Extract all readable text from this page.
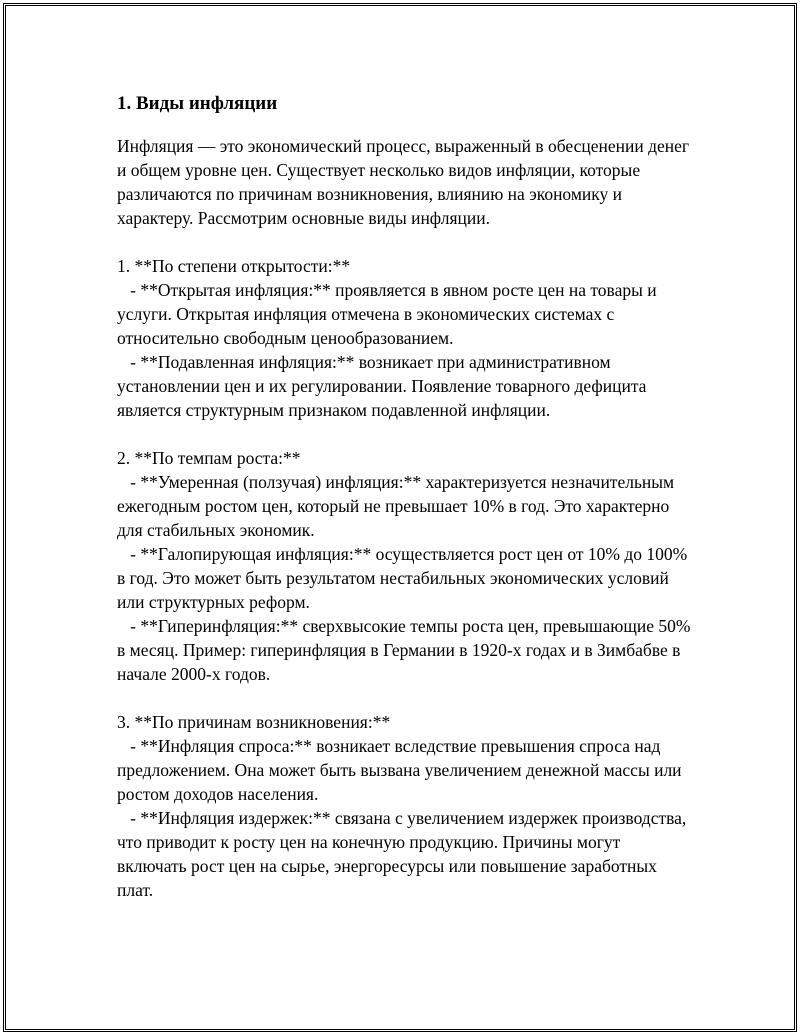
1. Виды инфляции

Инфляция — это экономический процесс, выраженный в обесценении денег и общем уровне цен. Существует несколько видов инфляции, которые различаются по причинам возникновения, влиянию на экономику и характеру. Рассмотрим основные виды инфляции.

1. **По степени открытости:**

- **Открытая инфляция:** проявляется в явном росте цен на товары и услуги. Открытая инфляция отмечена в экономических системах с относительно свободным ценообразованием.

- **Подавленная инфляция:** возникает при административном установлении цен и их регулировании. Появление товарного дефицита является структурным признаком подавленной инфляции.

2. **По темпам роста:**

- **Умеренная (ползучая) инфляция:** характеризуется незначительным ежегодным ростом цен, который не превышает 10% в год. Это характерно для стабильных экономик.

- **Галопирующая инфляция:** осуществляется рост цен от 10% до 100% в год. Это может быть результатом нестабильных экономических условий или структурных реформ.

- **Гиперинфляция:** сверхвысокие темпы роста цен, превышающие 50% в месяц. Пример: гиперинфляция в Германии в 1920-х годах и в Зимбабве в начале 2000-х годов.

3. **По причинам возникновения:**

- **Инфляция спроса:** возникает вследствие превышения спроса над предложением. Она может быть вызвана увеличением денежной массы или ростом доходов населения.

- **Инфляция издержек:** связана с увеличением издержек производства, что приводит к росту цен на конечную продукцию. Причины могут включать рост цен на сырье, энергоресурсы или повышение заработных плат.
